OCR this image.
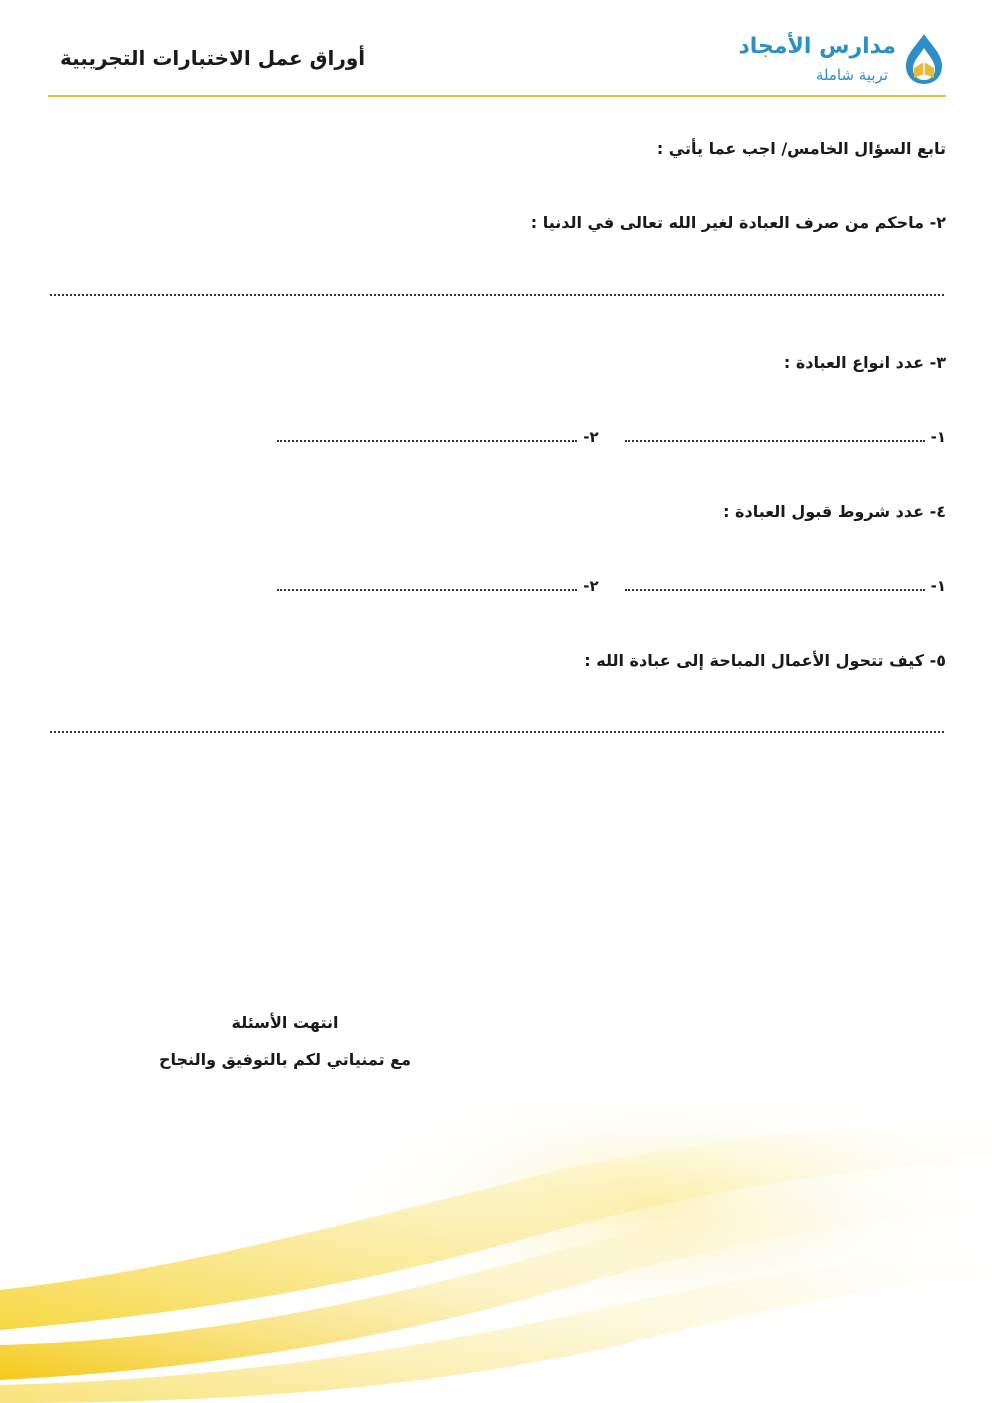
أوراق عمل الاختبارات التجريبية	مدارس الأمجاد
تربية شاملة
تابع السؤال الخامس/ اجب عما يأتي :
٢- ماحكم من صرف العبادة لغير الله تعالى في الدنيا :
٣- عدد انواع العبادة :
١-
٢-
٤- عدد شروط قبول العبادة :
١-
٢-
٥- كيف تتحول الأعمال المباحة إلى عبادة الله :
انتهت الأسئلة
مع تمنياتي لكم بالتوفيق والنجاح
